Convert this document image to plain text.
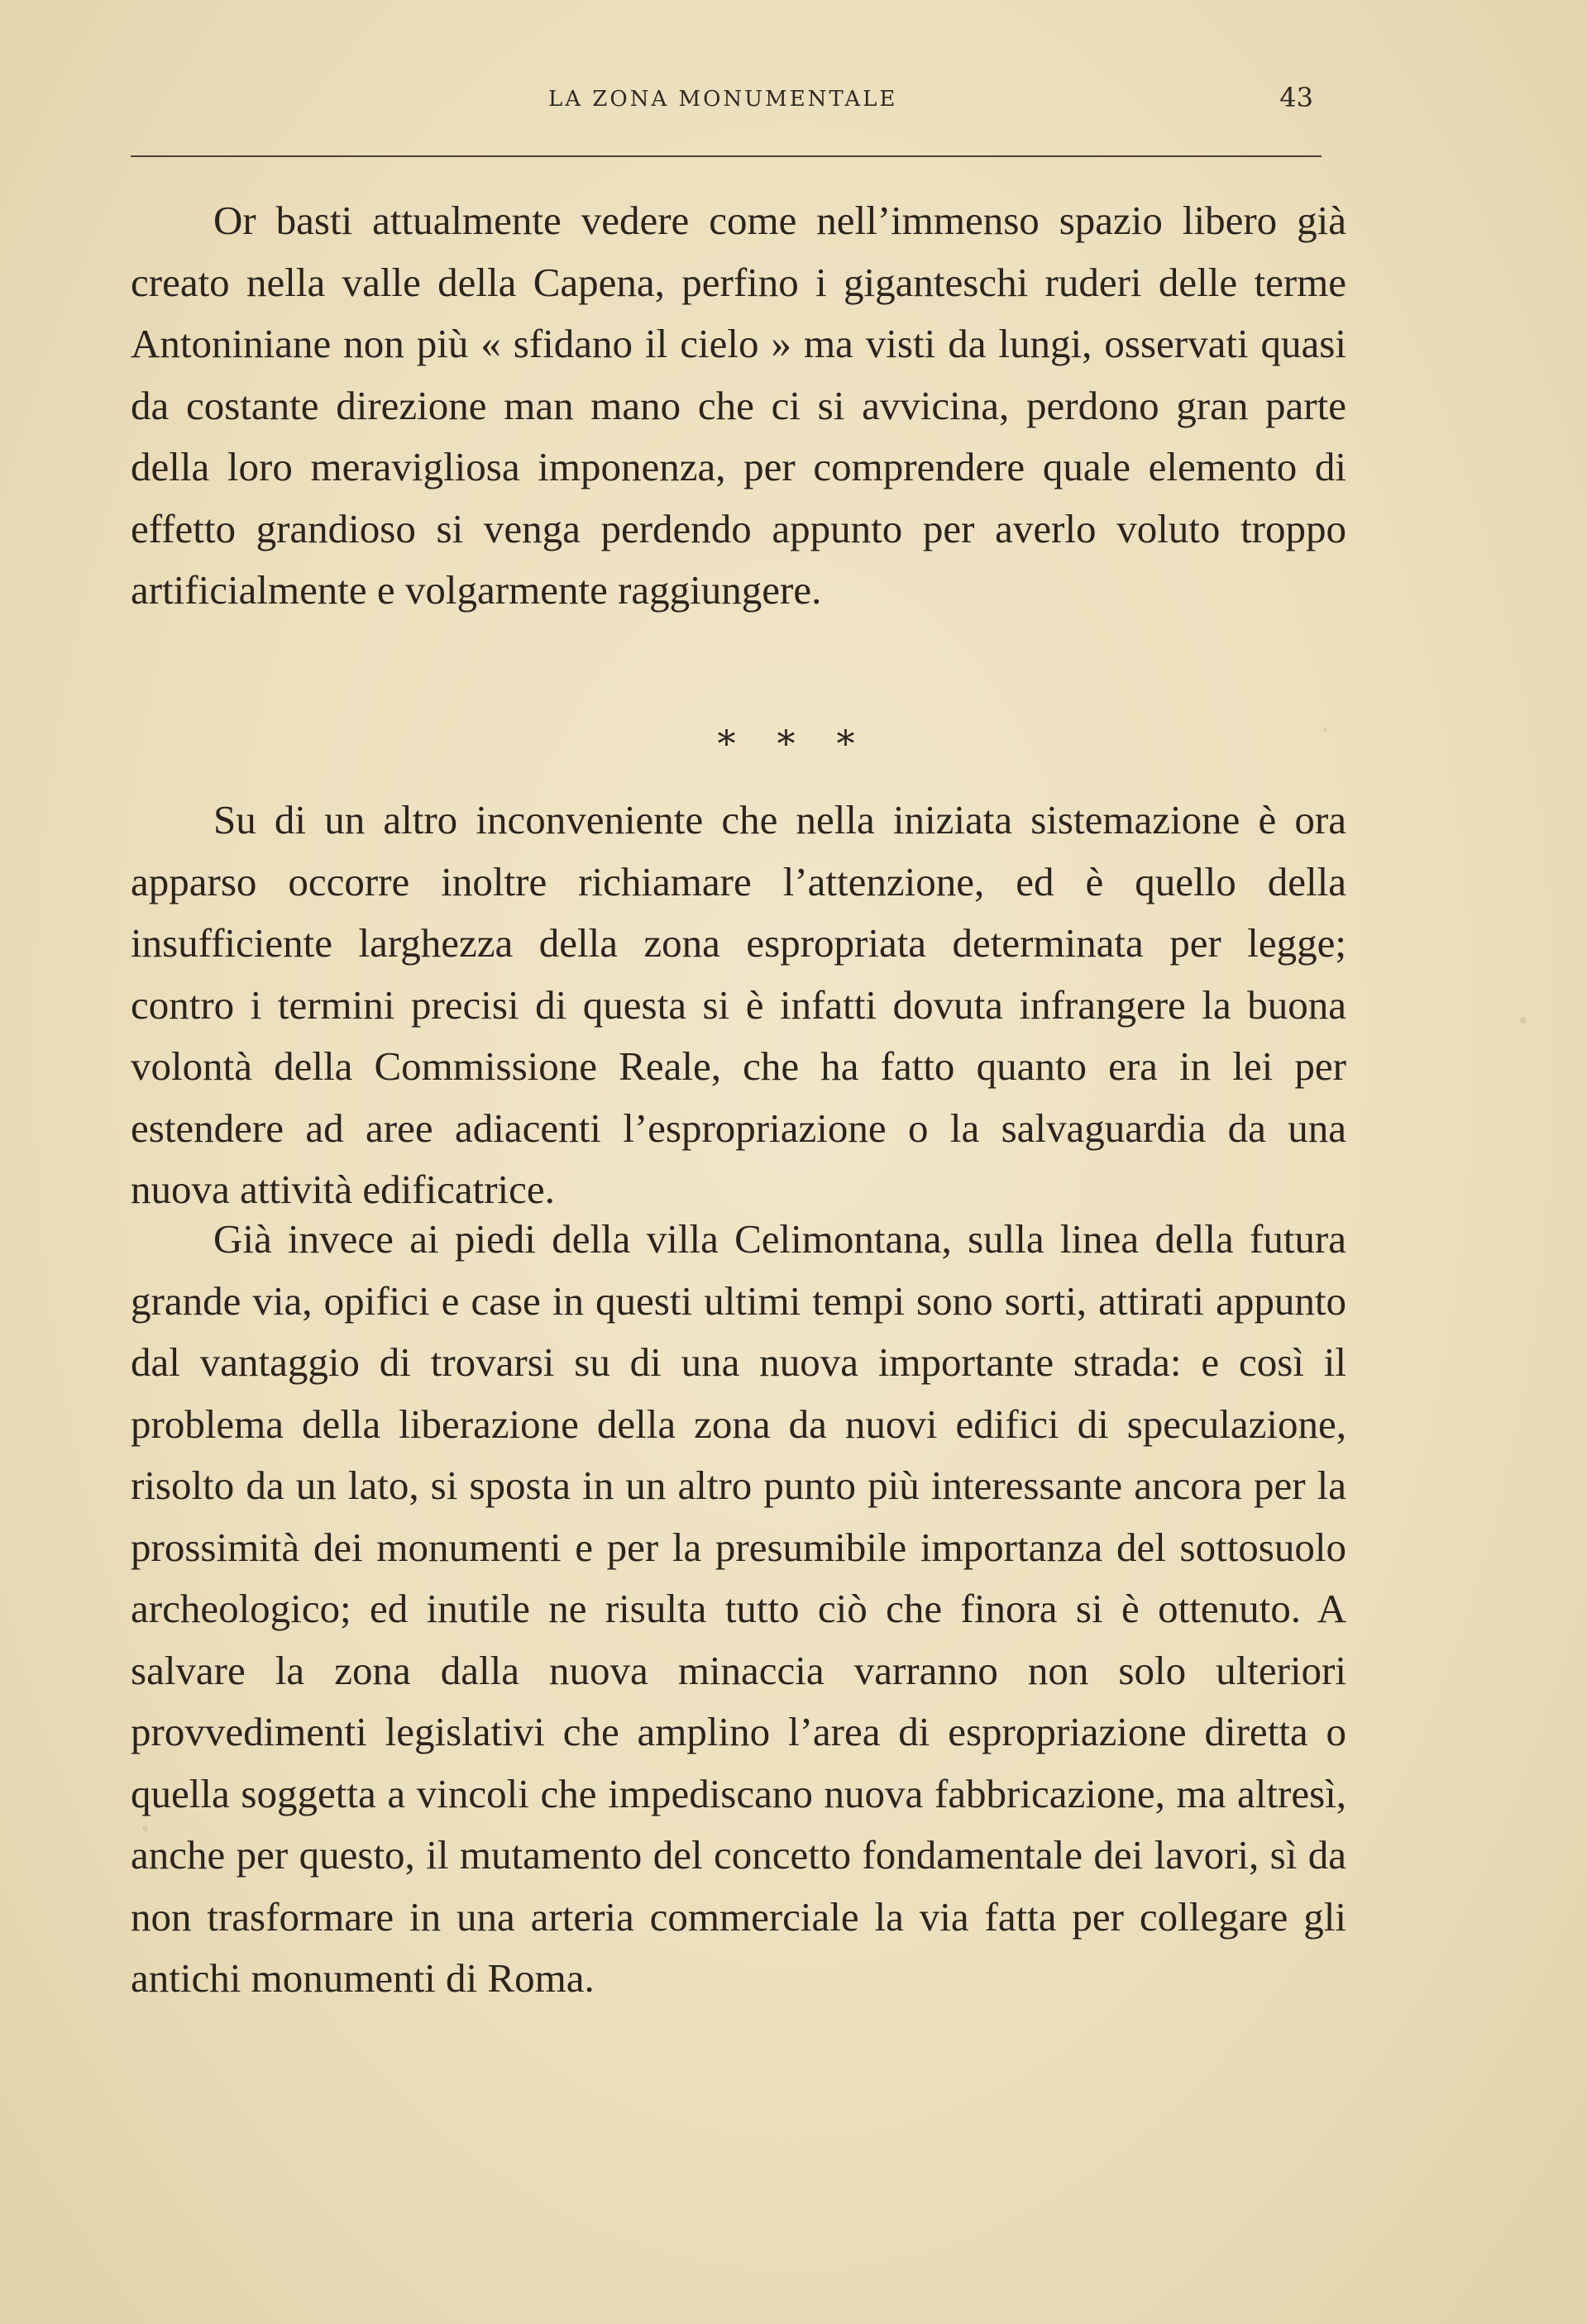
LA ZONA MONUMENTALE	43

Or basti attualmente vedere come nell’immenso spazio libero già creato nella valle della Capena, perfino i giganteschi ruderi delle terme Antoniniane non più « sfidano il cielo » ma visti da lungi, osservati quasi da costante direzione man mano che ci si avvicina, perdono gran parte della loro meravigliosa imponenza, per comprendere quale elemento di effetto grandioso si venga perdendo appunto per averlo voluto troppo artificialmente e volgarmente raggiungere.

* * *

Su di un altro inconveniente che nella iniziata sistemazione è ora apparso occorre inoltre richiamare l’attenzione, ed è quello della insufficiente larghezza della zona espropriata determinata per legge; contro i termini precisi di questa si è infatti dovuta infrangere la buona volontà della Commissione Reale, che ha fatto quanto era in lei per estendere ad aree adiacenti l’espropriazione o la salvaguardia da una nuova attività edificatrice.

Già invece ai piedi della villa Celimontana, sulla linea della futura grande via, opifici e case in questi ultimi tempi sono sorti, attirati appunto dal vantaggio di trovarsi su di una nuova importante strada: e così il problema della liberazione della zona da nuovi edifici di speculazione, risolto da un lato, si sposta in un altro punto più interessante ancora per la prossimità dei monumenti e per la presumibile importanza del sottosuolo archeologico; ed inutile ne risulta tutto ciò che finora si è ottenuto. A salvare la zona dalla nuova minaccia varranno non solo ulteriori provvedimenti legislativi che amplino l’area di espropriazione diretta o quella soggetta a vincoli che impediscano nuova fabbricazione, ma altresì, anche per questo, il mutamento del concetto fondamentale dei lavori, sì da non trasformare in una arteria commerciale la via fatta per collegare gli antichi monumenti di Roma.
